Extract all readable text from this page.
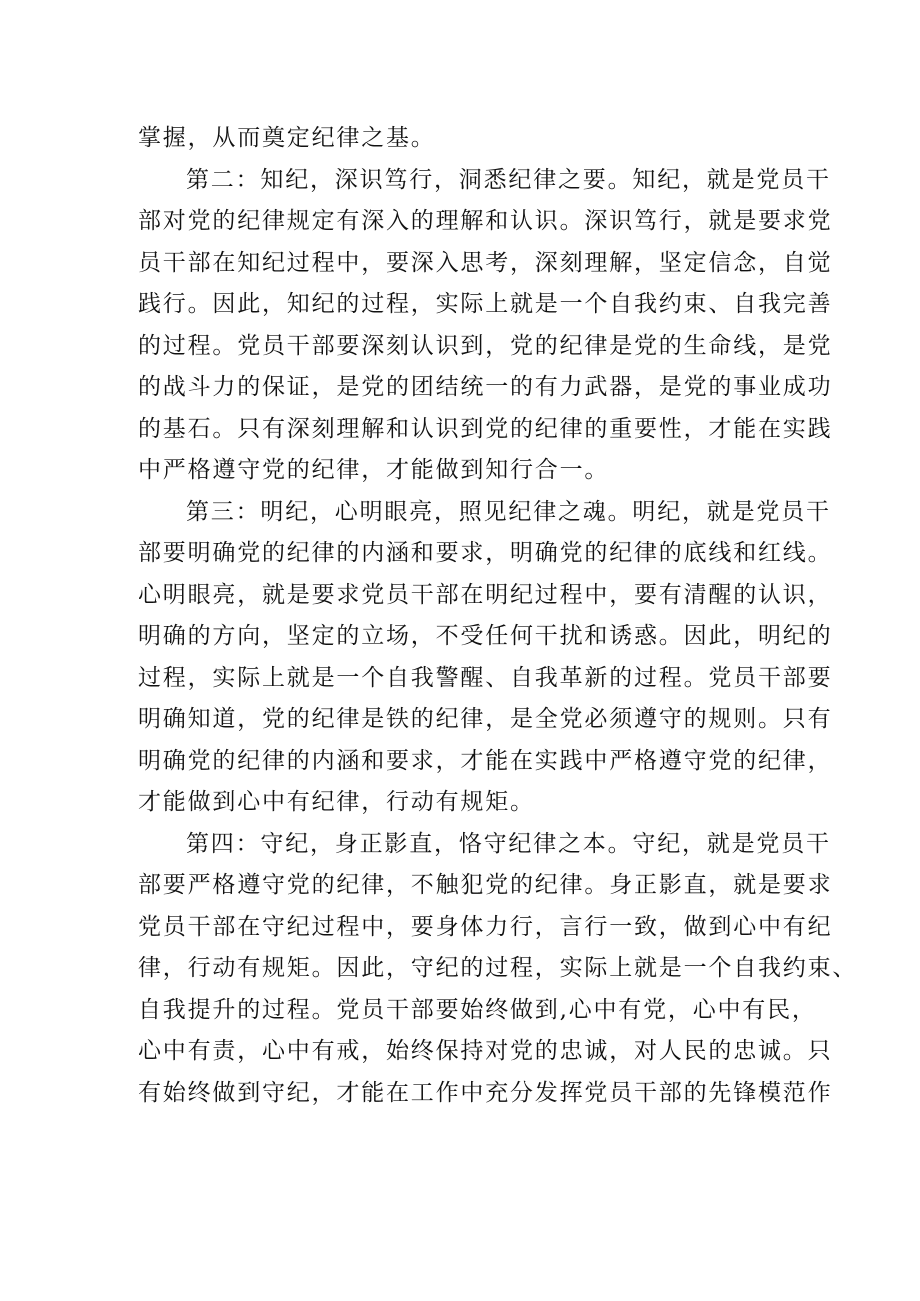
掌握，从而奠定纪律之基。
第二：知纪，深识笃行，洞悉纪律之要。知纪，就是党员干
部对党的纪律规定有深入的理解和认识。深识笃行，就是要求党
员干部在知纪过程中，要深入思考，深刻理解，坚定信念，自觉
践行。因此，知纪的过程，实际上就是一个自我约束、自我完善
的过程。党员干部要深刻认识到，党的纪律是党的生命线，是党
的战斗力的保证，是党的团结统一的有力武器，是党的事业成功
的基石。只有深刻理解和认识到党的纪律的重要性，才能在实践
中严格遵守党的纪律，才能做到知行合一。
第三：明纪，心明眼亮，照见纪律之魂。明纪，就是党员干
部要明确党的纪律的内涵和要求，明确党的纪律的底线和红线。
心明眼亮，就是要求党员干部在明纪过程中，要有清醒的认识，
明确的方向，坚定的立场，不受任何干扰和诱惑。因此，明纪的
过程，实际上就是一个自我警醒、自我革新的过程。党员干部要
明确知道，党的纪律是铁的纪律，是全党必须遵守的规则。只有
明确党的纪律的内涵和要求，才能在实践中严格遵守党的纪律，
才能做到心中有纪律，行动有规矩。
第四：守纪，身正影直，恪守纪律之本。守纪，就是党员干
部要严格遵守党的纪律，不触犯党的纪律。身正影直，就是要求
党员干部在守纪过程中，要身体力行，言行一致，做到心中有纪
律，行动有规矩。因此，守纪的过程，实际上就是一个自我约束、
自我提升的过程。党员干部要始终做到,心中有党，心中有民，
心中有责，心中有戒，始终保持对党的忠诚，对人民的忠诚。只
有始终做到守纪，才能在工作中充分发挥党员干部的先锋模范作
